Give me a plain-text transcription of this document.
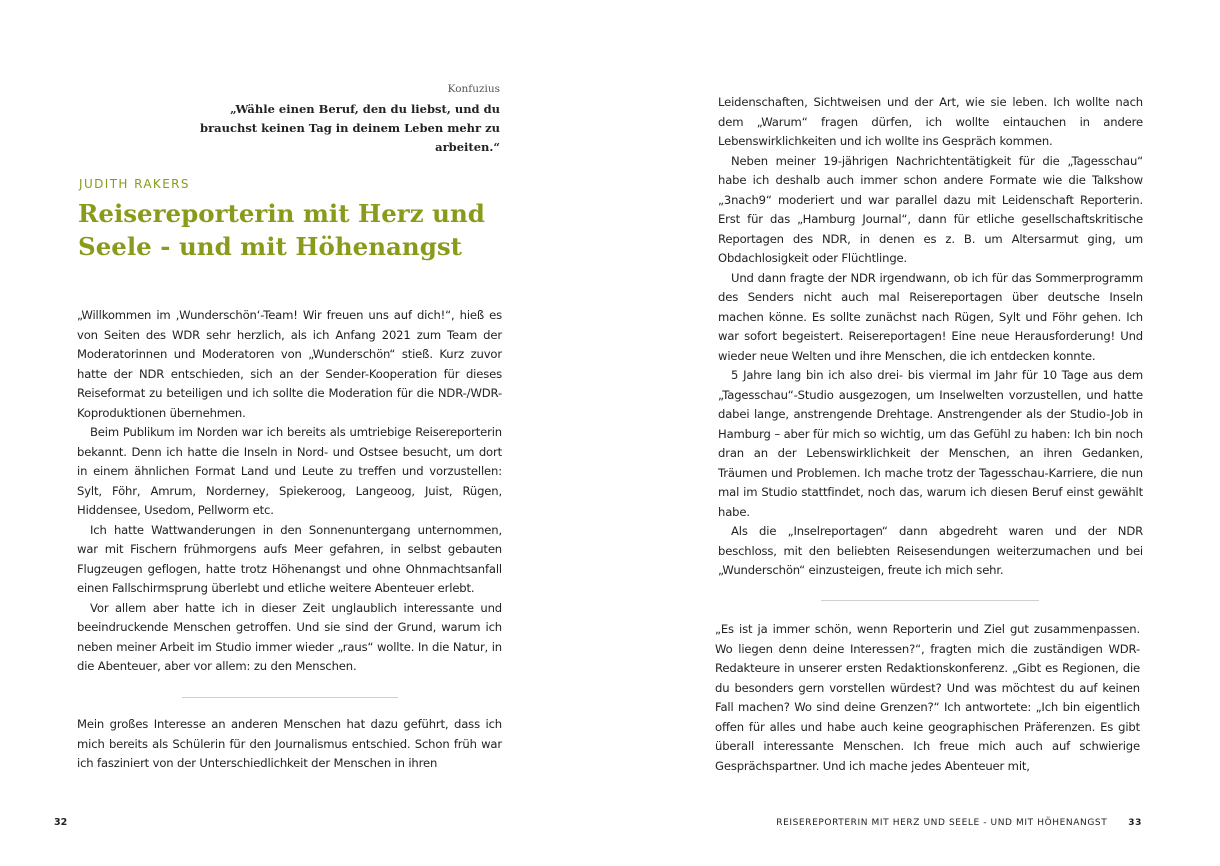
Konfuzius
„Wähle einen Beruf, den du liebst, und du brauchst keinen Tag in deinem Leben mehr zu arbeiten.“
JUDITH RAKERS
Reisereporterin mit Herz und Seele - und mit Höhenangst

„Willkommen im ‚Wunderschön‘-Team! Wir freuen uns auf dich!“, hieß es von Seiten des WDR sehr herzlich, als ich Anfang 2021 zum Team der Moderatorinnen und Moderatoren von „Wunderschön“ stieß. Kurz zuvor hatte der NDR entschieden, sich an der Sender-Kooperation für dieses Reiseformat zu beteiligen und ich sollte die Moderation für die NDR-/WDR-Koproduktionen übernehmen.

Beim Publikum im Norden war ich bereits als umtriebige Reisereporterin bekannt. Denn ich hatte die Inseln in Nord- und Ostsee besucht, um dort in einem ähnlichen Format Land und Leute zu treffen und vorzustellen: Sylt, Föhr, Amrum, Norderney, Spiekeroog, Langeoog, Juist, Rügen, Hiddensee, Usedom, Pellworm etc.

Ich hatte Wattwanderungen in den Sonnenuntergang unternommen, war mit Fischern frühmorgens aufs Meer gefahren, in selbst gebauten Flugzeugen geflogen, hatte trotz Höhenangst und ohne Ohnmachtsanfall einen Fallschirmsprung überlebt und etliche weitere Abenteuer erlebt.

Vor allem aber hatte ich in dieser Zeit unglaublich interessante und beeindruckende Menschen getroffen. Und sie sind der Grund, warum ich neben meiner Arbeit im Studio immer wieder „raus“ wollte. In die Natur, in die Abenteuer, aber vor allem: zu den Menschen.

Mein großes Interesse an anderen Menschen hat dazu geführt, dass ich mich bereits als Schülerin für den Journalismus entschied. Schon früh war ich fasziniert von der Unterschiedlichkeit der Menschen in ihren

32

Leidenschaften, Sichtweisen und der Art, wie sie leben. Ich wollte nach dem „Warum“ fragen dürfen, ich wollte eintauchen in andere Lebenswirklichkeiten und ich wollte ins Gespräch kommen.

Neben meiner 19-jährigen Nachrichtentätigkeit für die „Tagesschau“ habe ich deshalb auch immer schon andere Formate wie die Talkshow „3nach9“ moderiert und war parallel dazu mit Leidenschaft Reporterin. Erst für das „Hamburg Journal“, dann für etliche gesellschaftskritische Reportagen des NDR, in denen es z. B. um Altersarmut ging, um Obdachlosigkeit oder Flüchtlinge.

Und dann fragte der NDR irgendwann, ob ich für das Sommerprogramm des Senders nicht auch mal Reisereportagen über deutsche Inseln machen könne. Es sollte zunächst nach Rügen, Sylt und Föhr gehen. Ich war sofort begeistert. Reisereportagen! Eine neue Herausforderung! Und wieder neue Welten und ihre Menschen, die ich entdecken konnte.

5 Jahre lang bin ich also drei- bis viermal im Jahr für 10 Tage aus dem „Tagesschau“-Studio ausgezogen, um Inselwelten vorzustellen, und hatte dabei lange, anstrengende Drehtage. Anstrengender als der Studio-Job in Hamburg – aber für mich so wichtig, um das Gefühl zu haben: Ich bin noch dran an der Lebenswirklichkeit der Menschen, an ihren Gedanken, Träumen und Problemen. Ich mache trotz der Tagesschau-Karriere, die nun mal im Studio stattfindet, noch das, warum ich diesen Beruf einst gewählt habe.

Als die „Inselreportagen“ dann abgedreht waren und der NDR beschloss, mit den beliebten Reisesendungen weiterzumachen und bei „Wunderschön“ einzusteigen, freute ich mich sehr.

„Es ist ja immer schön, wenn Reporterin und Ziel gut zusammenpassen. Wo liegen denn deine Interessen?“, fragten mich die zuständigen WDR-Redakteure in unserer ersten Redaktionskonferenz. „Gibt es Regionen, die du besonders gern vorstellen würdest? Und was möchtest du auf keinen Fall machen? Wo sind deine Grenzen?“ Ich antwortete: „Ich bin eigentlich offen für alles und habe auch keine geographischen Präferenzen. Es gibt überall interessante Menschen. Ich freue mich auch auf schwierige Gesprächspartner. Und ich mache jedes Abenteuer mit,

REISEREPORTERIN MIT HERZ UND SEELE - UND MIT HÖHENANGST 33
